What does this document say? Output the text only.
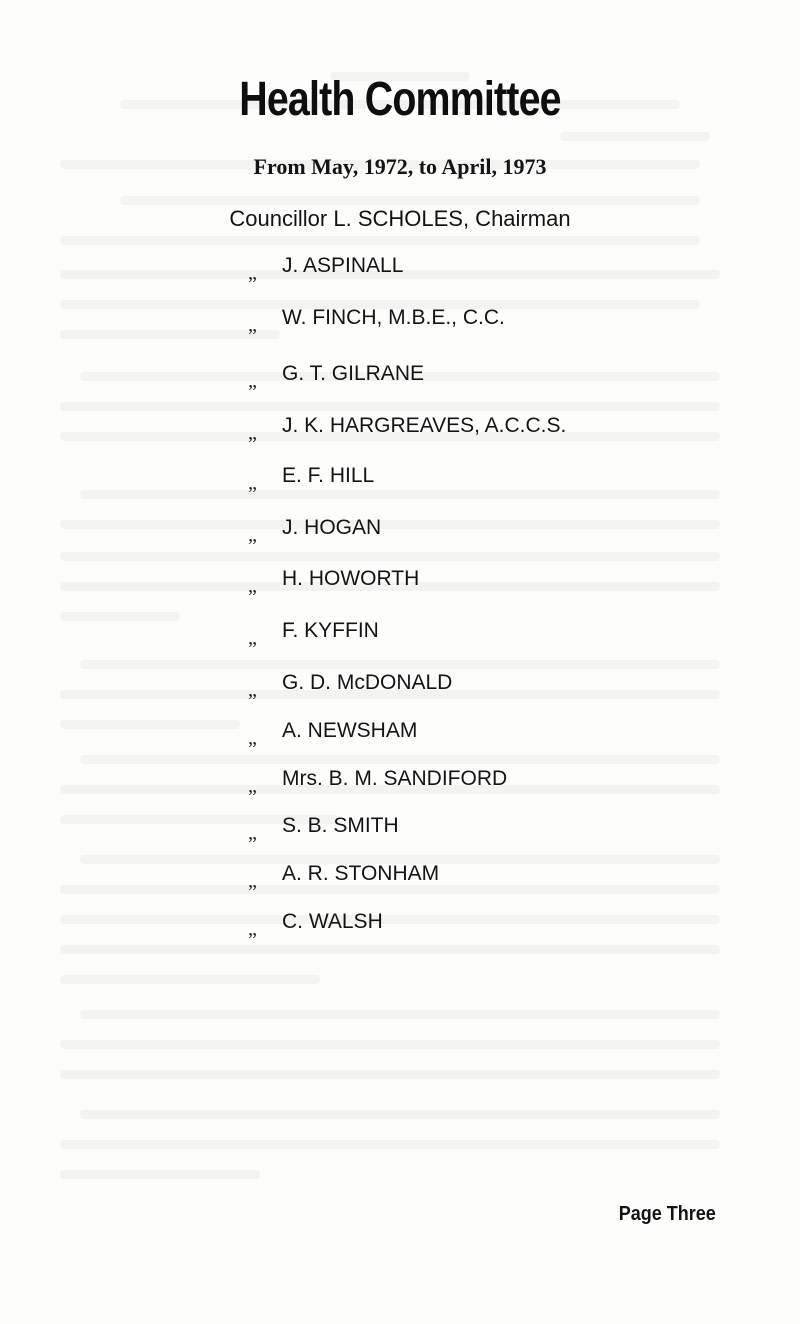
Health Committee
From May, 1972, to April, 1973
Councillor L. SCHOLES, Chairman
„ J. ASPINALL
„ W. FINCH, M.B.E., C.C.
„ G. T. GILRANE
„ J. K. HARGREAVES, A.C.C.S.
„ E. F. HILL
„ J. HOGAN
„ H. HOWORTH
„ F. KYFFIN
„ G. D. McDONALD
„ A. NEWSHAM
„ Mrs. B. M. SANDIFORD
„ S. B. SMITH
„ A. R. STONHAM
„ C. WALSH
Page Three
